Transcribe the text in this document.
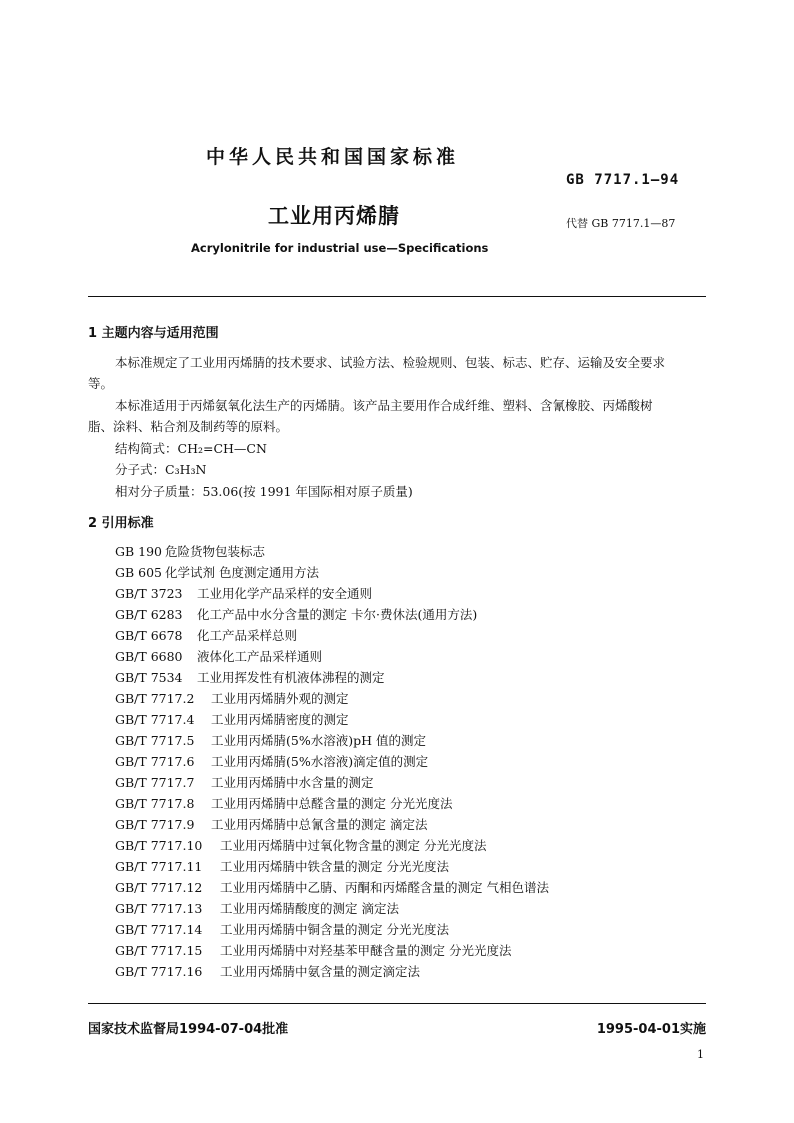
中华人民共和国国家标准
GB 7717.1—94
工业用丙烯腈	代替 GB 7717.1—87
Acrylonitrile for industrial use—Specifications
1 主题内容与适用范围
本标准规定了工业用丙烯腈的技术要求、试验方法、检验规则、包装、标志、贮存、运输及安全要求
等。
本标准适用于丙烯氨氧化法生产的丙烯腈。该产品主要用作合成纤维、塑料、含氰橡胶、丙烯酸树
脂、涂料、粘合剂及制药等的原料。
结构简式：CH₂=CH—CN
分子式：C₃H₃N
相对分子质量：53.06(按 1991 年国际相对原子质量)
2 引用标准
GB 190 危险货物包装标志
GB 605 化学试剂 色度测定通用方法
GB/T 3723 工业用化学产品采样的安全通则
GB/T 6283 化工产品中水分含量的测定 卡尔·费休法(通用方法)
GB/T 6678 化工产品采样总则
GB/T 6680 液体化工产品采样通则
GB/T 7534 工业用挥发性有机液体沸程的测定
GB/T 7717.2 工业用丙烯腈外观的测定
GB/T 7717.4 工业用丙烯腈密度的测定
GB/T 7717.5 工业用丙烯腈(5%水溶液)pH 值的测定
GB/T 7717.6 工业用丙烯腈(5%水溶液)滴定值的测定
GB/T 7717.7 工业用丙烯腈中水含量的测定
GB/T 7717.8 工业用丙烯腈中总醛含量的测定 分光光度法
GB/T 7717.9 工业用丙烯腈中总氰含量的测定 滴定法
GB/T 7717.10 工业用丙烯腈中过氧化物含量的测定 分光光度法
GB/T 7717.11 工业用丙烯腈中铁含量的测定 分光光度法
GB/T 7717.12 工业用丙烯腈中乙腈、丙酮和丙烯醛含量的测定 气相色谱法
GB/T 7717.13 工业用丙烯腈酸度的测定 滴定法
GB/T 7717.14 工业用丙烯腈中铜含量的测定 分光光度法
GB/T 7717.15 工业用丙烯腈中对羟基苯甲醚含量的测定 分光光度法
GB/T 7717.16 工业用丙烯腈中氨含量的测定滴定法
国家技术监督局1994-07-04批准	1995-04-01实施
1
